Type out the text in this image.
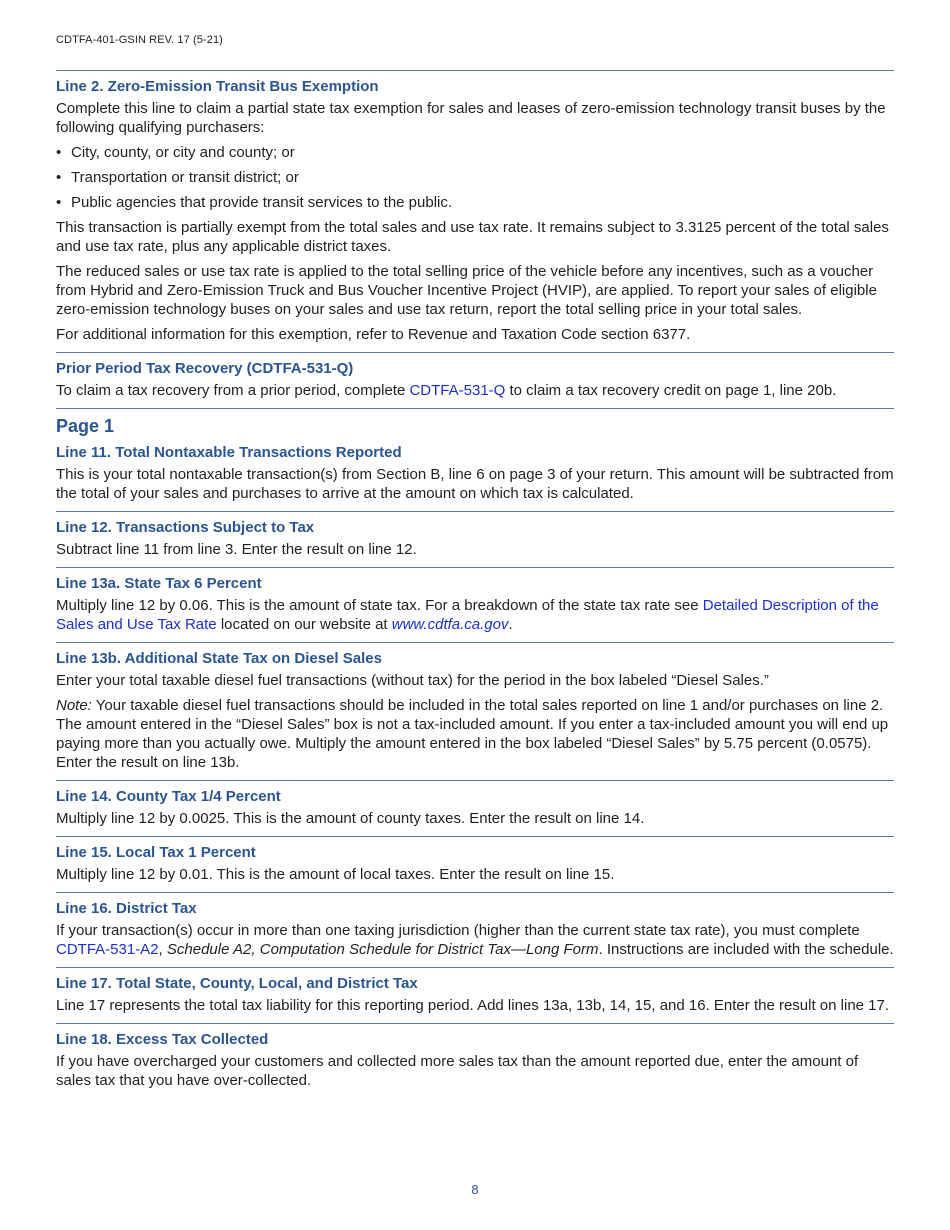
CDTFA-401-GSIN REV. 17 (5-21)
Line 2. Zero-Emission Transit Bus Exemption

Complete this line to claim a partial state tax exemption for sales and leases of zero-emission technology transit buses by the following qualifying purchasers:

• City, county, or city and county; or
• Transportation or transit district; or
• Public agencies that provide transit services to the public.

This transaction is partially exempt from the total sales and use tax rate. It remains subject to 3.3125 percent of the total sales and use tax rate, plus any applicable district taxes.

The reduced sales or use tax rate is applied to the total selling price of the vehicle before any incentives, such as a voucher from Hybrid and Zero-Emission Truck and Bus Voucher Incentive Project (HVIP), are applied. To report your sales of eligible zero-emission technology buses on your sales and use tax return, report the total selling price in your total sales.

For additional information for this exemption, refer to Revenue and Taxation Code section 6377.

Prior Period Tax Recovery (CDTFA-531-Q)

To claim a tax recovery from a prior period, complete CDTFA-531-Q to claim a tax recovery credit on page 1, line 20b.

Page 1
Line 11. Total Nontaxable Transactions Reported

This is your total nontaxable transaction(s) from Section B, line 6 on page 3 of your return. This amount will be subtracted from the total of your sales and purchases to arrive at the amount on which tax is calculated.

Line 12. Transactions Subject to Tax

Subtract line 11 from line 3. Enter the result on line 12.

Line 13a. State Tax 6 Percent

Multiply line 12 by 0.06. This is the amount of state tax. For a breakdown of the state tax rate see Detailed Description of the Sales and Use Tax Rate located on our website at www.cdtfa.ca.gov.

Line 13b. Additional State Tax on Diesel Sales

Enter your total taxable diesel fuel transactions (without tax) for the period in the box labeled “Diesel Sales.”

Note: Your taxable diesel fuel transactions should be included in the total sales reported on line 1 and/or purchases on line 2. The amount entered in the “Diesel Sales” box is not a tax-included amount. If you enter a tax-included amount you will end up paying more than you actually owe. Multiply the amount entered in the box labeled “Diesel Sales” by 5.75 percent (0.0575). Enter the result on line 13b.

Line 14. County Tax 1/4 Percent

Multiply line 12 by 0.0025. This is the amount of county taxes. Enter the result on line 14.

Line 15. Local Tax 1 Percent

Multiply line 12 by 0.01. This is the amount of local taxes. Enter the result on line 15.

Line 16. District Tax

If your transaction(s) occur in more than one taxing jurisdiction (higher than the current state tax rate), you must complete CDTFA-531-A2, Schedule A2, Computation Schedule for District Tax—Long Form. Instructions are included with the schedule.

Line 17. Total State, County, Local, and District Tax

Line 17 represents the total tax liability for this reporting period. Add lines 13a, 13b, 14, 15, and 16. Enter the result on line 17.

Line 18. Excess Tax Collected

If you have overcharged your customers and collected more sales tax than the amount reported due, enter the amount of sales tax that you have over-collected.

8
